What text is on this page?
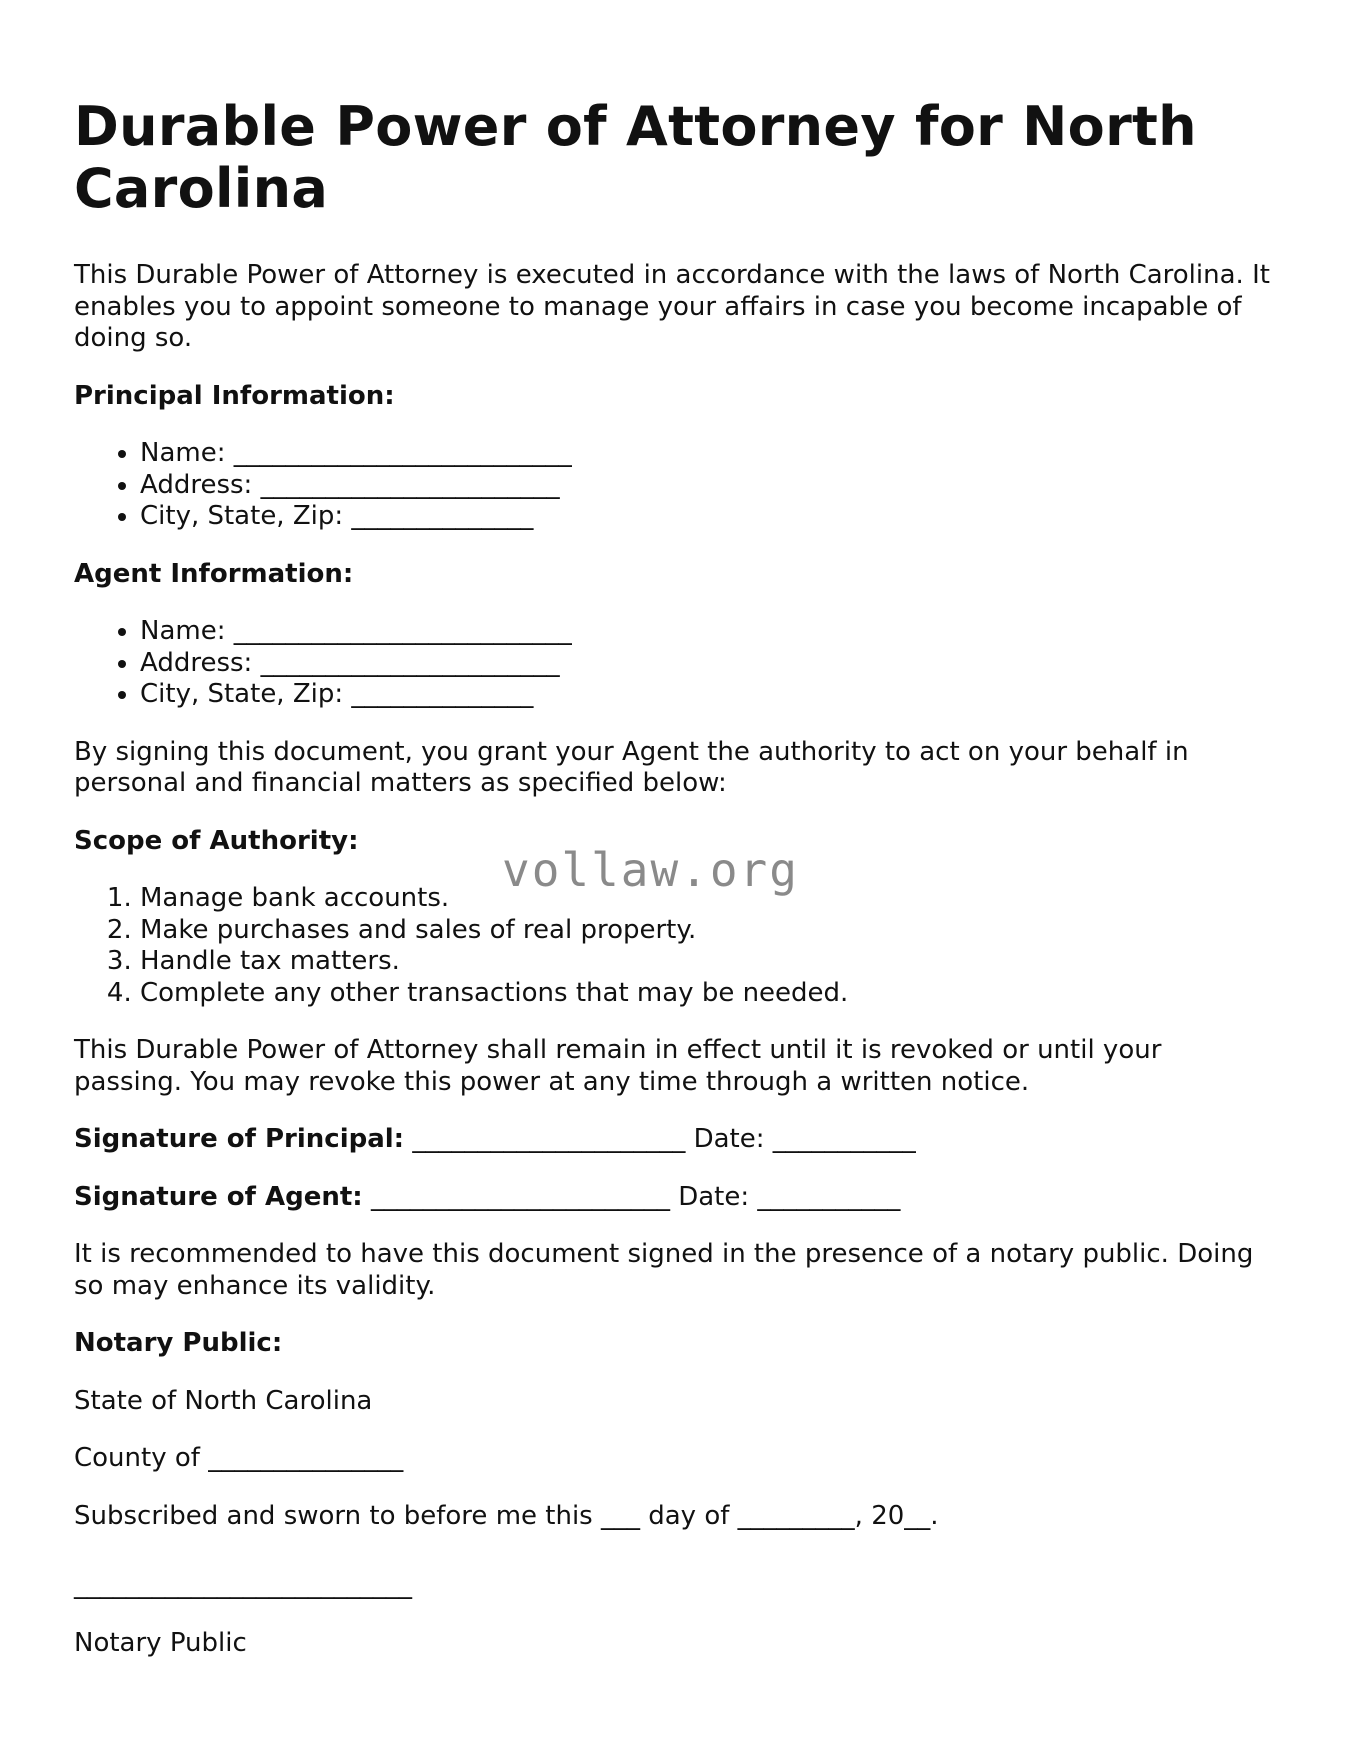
Durable Power of Attorney for North Carolina

This Durable Power of Attorney is executed in accordance with the laws of North Carolina. It enables you to appoint someone to manage your affairs in case you become incapable of doing so.

Principal Information:

• Name: __________________________
• Address: _______________________
• City, State, Zip: ______________

Agent Information:

• Name: __________________________
• Address: _______________________
• City, State, Zip: ______________

By signing this document, you grant your Agent the authority to act on your behalf in personal and financial matters as specified below:

Scope of Authority:

1. Manage bank accounts.
2. Make purchases and sales of real property.
3. Handle tax matters.
4. Complete any other transactions that may be needed.

This Durable Power of Attorney shall remain in effect until it is revoked or until your passing. You may revoke this power at any time through a written notice.

Signature of Principal: _____________________ Date: ___________

Signature of Agent: _______________________ Date: ___________

It is recommended to have this document signed in the presence of a notary public. Doing so may enhance its validity.

Notary Public:

State of North Carolina

County of _______________

Subscribed and sworn to before me this ___ day of _________, 20__.

__________________________

Notary Public

vollaw.org
